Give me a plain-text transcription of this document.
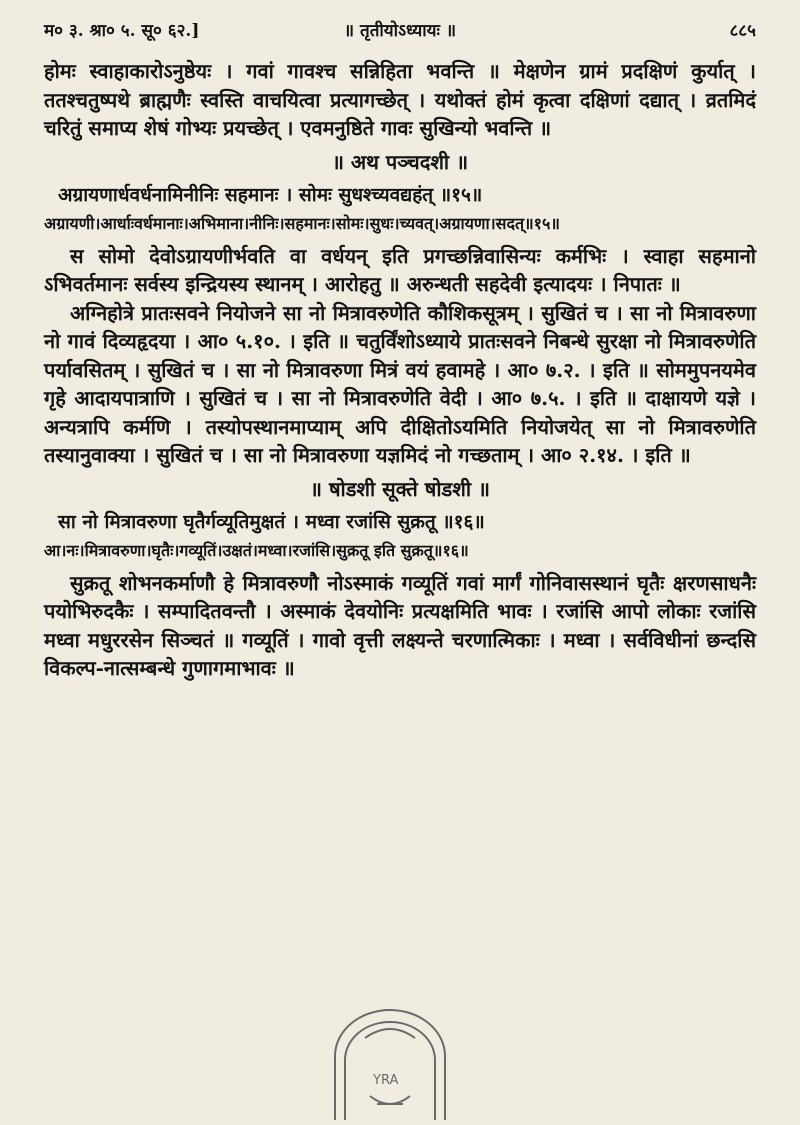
म० ३. श्रा० ५. सू० ६२.]	॥ तृतीयोऽध्यायः ॥	८८५

होमः स्वाहाकारोऽनुष्ठेयः । गवां गावश्च सन्निहिता भवन्ति ॥ मेक्षणेन ग्रामं प्रदक्षिणं कुर्यात् । ततश्चतुष्पथे ब्राह्मणैः स्वस्ति वाचयित्वा प्रत्यागच्छेत् । यथोक्तं होमं कृत्वा दक्षिणां दद्यात् । व्रतमिदं चरितुं समाप्य शेषं गोभ्यः प्रयच्छेत् । एवमनुष्ठिते गावः सुखिन्यो भवन्ति ॥

॥ अथ पञ्चदशी ॥

अग्रायणार्धवर्धनामिनीनिः सहमानः । सोमः सुधश्च्यवद्यहंत् ॥१५॥

अग्रायणी।आर्धाःवर्धमानाः।अभिमाना।नीनिः।सहमानः।सोमः।सुधः।च्यवत्।अग्रायणा।सदत्॥१५॥

स सोमो देवोऽग्रायणीर्भवति वा वर्धयन् इति प्रगच्छन्निवासिन्यः कर्मभिः । स्वाहा सहमानो ऽभिवर्तमानः सर्वस्य इन्द्रियस्य स्थानम् । आरोहतु ॥ अरुन्धती सहदेवी इत्यादयः । निपातः ॥

अग्निहोत्रे प्रातःसवने नियोजने सा नो मित्रावरुणेति कौशिकसूत्रम् । सुखितं च । सा नो मित्रावरुणा नो गावं दिव्यहृदया । आ० ५.१०. । इति ॥ चतुर्विंशोऽध्याये प्रातःसवने निबन्धे सुरक्षा नो मित्रावरुणेति पर्यावसितम् । सुखितं च । सा नो मित्रावरुणा मित्रं वयं हवामहे । आ० ७.२. । इति ॥ सोममुपनयमेव गृहे आदायपात्राणि । सुखितं च । सा नो मित्रावरुणेति वेदी । आ० ७.५. । इति ॥ दाक्षायणे यज्ञे । अन्यत्रापि कर्मणि । तस्योपस्थानमाप्याम् अपि दीक्षितोऽयमिति नियोजयेत् सा नो मित्रावरुणेति तस्यानुवाक्या । सुखितं च । सा नो मित्रावरुणा यज्ञमिदं नो गच्छताम् । आ० २.१४. । इति ॥

॥ षोडशी सूक्ते षोडशी ॥

सा नो मित्रावरुणा घृतैर्गव्यूतिमुक्षतं । मध्वा रजांसि सुक्रतू ॥१६॥

आ।नः।मित्रावरुणा।घृतैः।गव्यूतिं।उक्षतं।मध्वा।रजांसि।सुक्रतू इति सुक्रतू॥१६॥

सुक्रतू शोभनकर्माणौ हे मित्रावरुणौ नोऽस्माकं गव्यूतिं गवां मार्गं गोनिवासस्थानं घृतैः क्षरणसाधनैः पयोभिरुदकैः । सम्पादितवन्तौ । अस्माकं देवयोनिः प्रत्यक्षमिति भावः । रजांसि आपो लोकाः रजांसि मध्वा मधुररसेन सिञ्चतं ॥ गव्यूतिं । गावो वृत्ती लक्ष्यन्ते चरणात्मिकाः । मध्वा । सर्वविधीनां छन्दसि विकल्प-नात्सम्बन्धे गुणागमाभावः ॥

YRA
